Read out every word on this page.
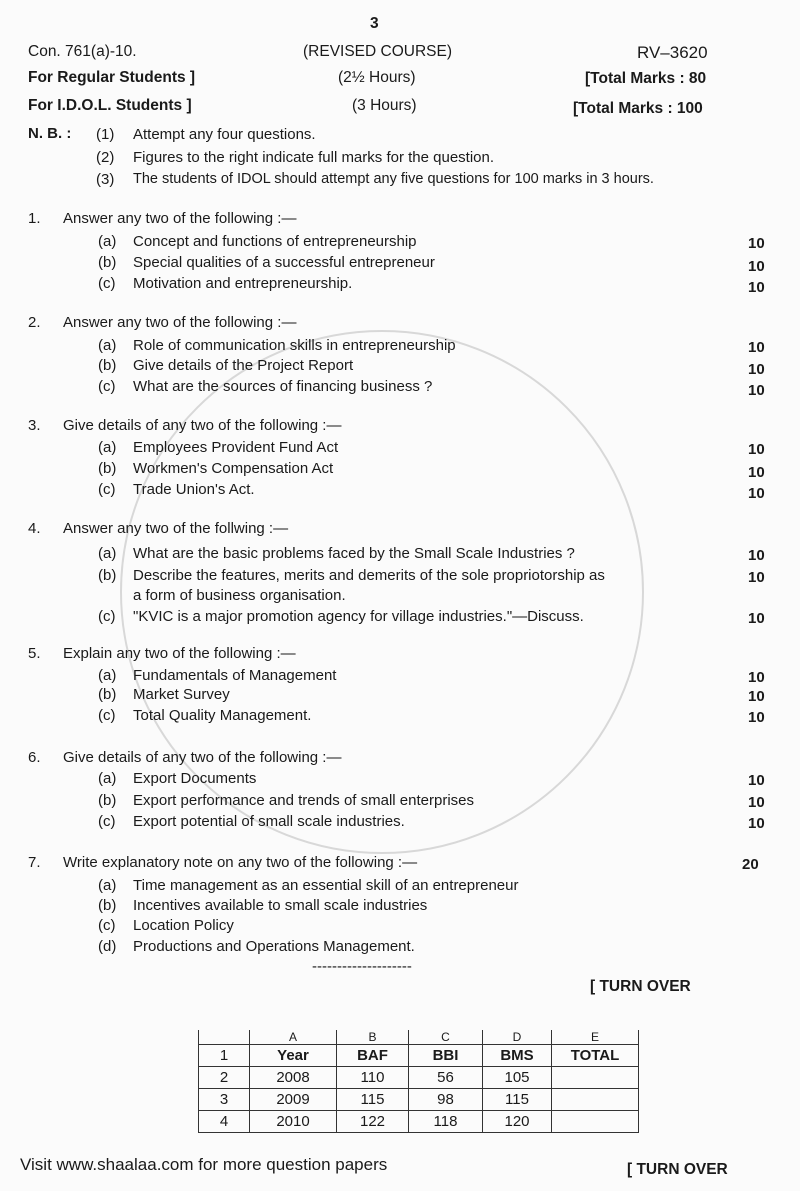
3
Con. 761(a)-10.	(REVISED COURSE)	RV–3620
For Regular Students ]	(2½ Hours)	[Total Marks : 80
For I.D.O.L. Students ]	(3 Hours)	[Total Marks : 100
N. B. : (1) Attempt any four questions.
(2) Figures to the right indicate full marks for the question.
(3) The students of IDOL should attempt any five questions for 100 marks in 3 hours.
1. Answer any two of the following :—
(a) Concept and functions of entrepreneurship	10
(b) Special qualities of a successful entrepreneur	10
(c) Motivation and entrepreneurship.	10
2. Answer any two of the following :—
(a) Role of communication skills in entrepreneurship	10
(b) Give details of the Project Report	10
(c) What are the sources of financing business ?	10
3. Give details of any two of the following :—
(a) Employees Provident Fund Act	10
(b) Workmen's Compensation Act	10
(c) Trade Union's Act.	10
4. Answer any two of the follwing :—
(a) What are the basic problems faced by the Small Scale Industries ?	10
(b) Describe the features, merits and demerits of the sole propriotorship as
a form of business organisation.
10
(c) "KVIC is a major promotion agency for village industries."—Discuss.	10
5. Explain any two of the following :—
(a) Fundamentals of Management	10
(b) Market Survey	10
(c) Total Quality Management.	10
6. Give details of any two of the following :—
(a) Export Documents	10
(b) Export performance and trends of small enterprises	10
(c) Export potential of small scale industries.	10
7. Write explanatory note on any two of the following :—	20
(a) Time management as an essential skill of an entrepreneur
(b) Incentives available to small scale industries
(c) Location Policy
(d) Productions and Operations Management.
--------------------
[ TURN OVER
	A	B	C	D	E
1	Year	BAF	BBI	BMS	TOTAL
2	2008	110	56	105	
3	2009	115	98	115	
4	2010	122	118	120	
Visit www.shaalaa.com for more question papers	[ TURN OVER
